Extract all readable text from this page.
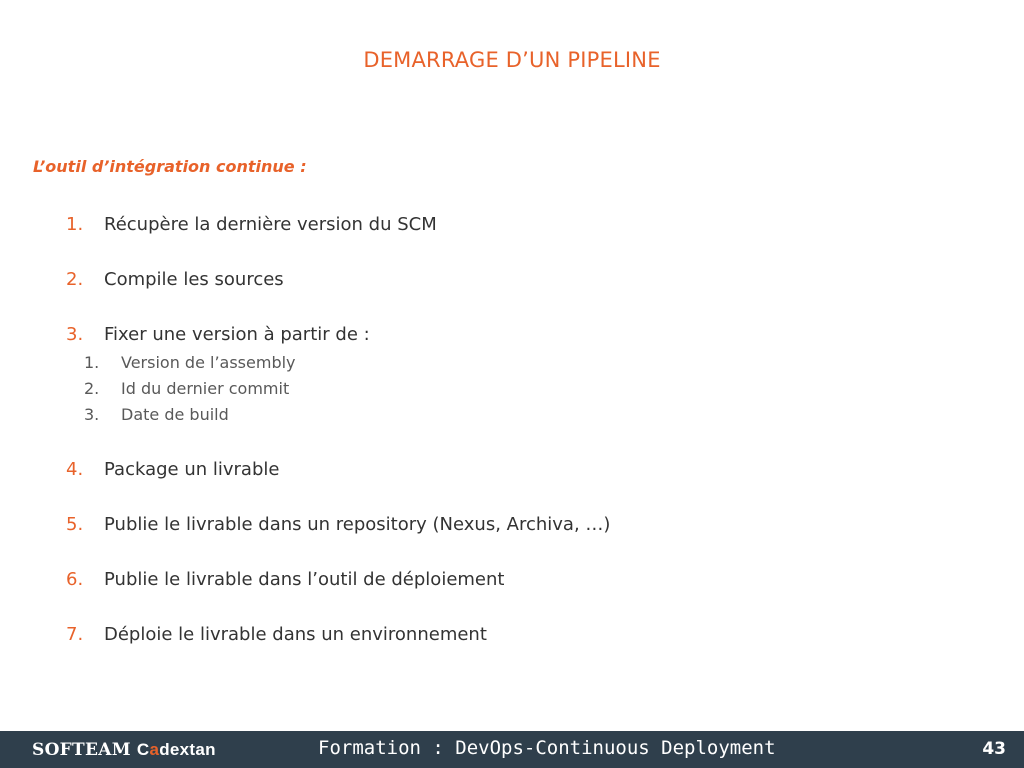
DEMARRAGE D’UN PIPELINE
L’outil d’intégration continue :
1. Récupère la dernière version du SCM
2. Compile les sources
3. Fixer une version à partir de :
1. Version de l’assembly
2. Id du dernier commit
3. Date de build
4. Package un livrable
5. Publie le livrable dans un repository (Nexus, Archiva, …)
6. Publie le livrable dans l’outil de déploiement
7. Déploie le livrable dans un environnement
SOFTEAM Cadextan	Formation : DevOps-Continuous Deployment	43
